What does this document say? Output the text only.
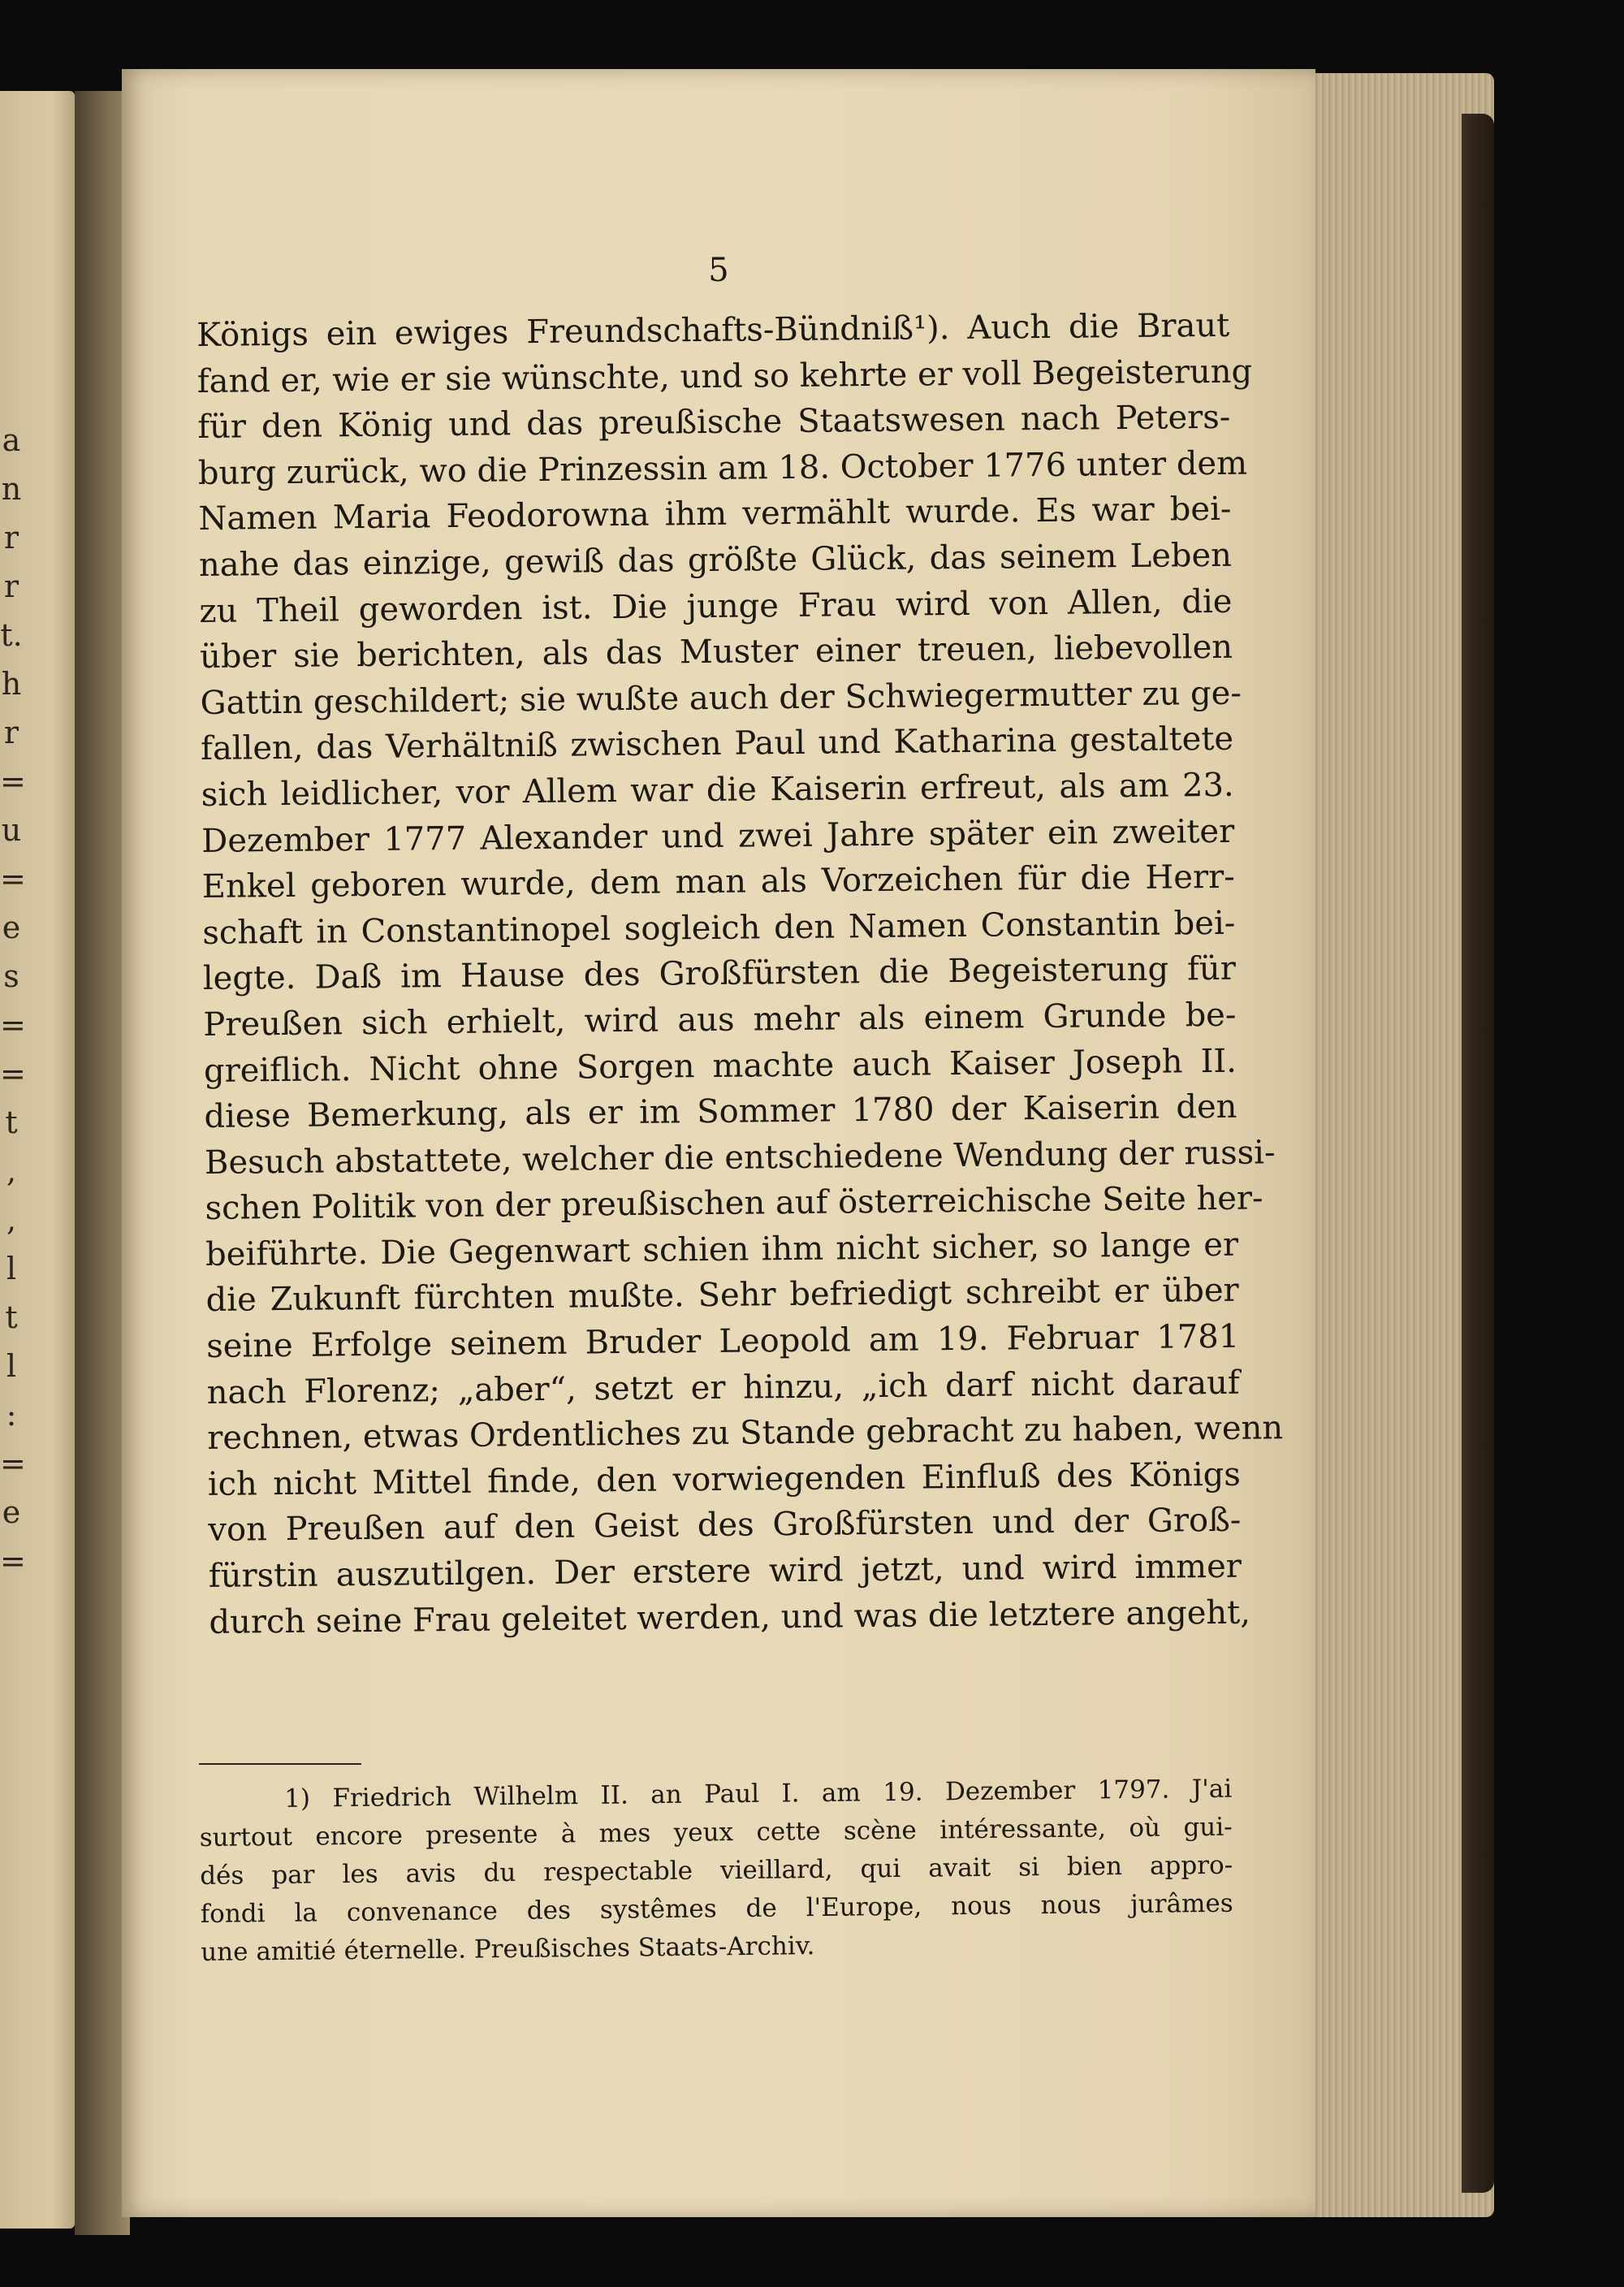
a
n
r
r
t.
h
r
=
u
=
e
s
=
=
t
,
,
l
t
l
:
=
e
=
5
Königs ein ewiges Freundschafts-Bündniß¹). Auch die Braut
fand er, wie er sie wünschte, und so kehrte er voll Begeisterung
für den König und das preußische Staatswesen nach Peters-
burg zurück, wo die Prinzessin am 18. October 1776 unter dem
Namen Maria Feodorowna ihm vermählt wurde. Es war bei-
nahe das einzige, gewiß das größte Glück, das seinem Leben
zu Theil geworden ist. Die junge Frau wird von Allen, die
über sie berichten, als das Muster einer treuen, liebevollen
Gattin geschildert; sie wußte auch der Schwiegermutter zu ge-
fallen, das Verhältniß zwischen Paul und Katharina gestaltete
sich leidlicher, vor Allem war die Kaiserin erfreut, als am 23.
Dezember 1777 Alexander und zwei Jahre später ein zweiter
Enkel geboren wurde, dem man als Vorzeichen für die Herr-
schaft in Constantinopel sogleich den Namen Constantin bei-
legte. Daß im Hause des Großfürsten die Begeisterung für
Preußen sich erhielt, wird aus mehr als einem Grunde be-
greiflich. Nicht ohne Sorgen machte auch Kaiser Joseph II.
diese Bemerkung, als er im Sommer 1780 der Kaiserin den
Besuch abstattete, welcher die entschiedene Wendung der russi-
schen Politik von der preußischen auf österreichische Seite her-
beiführte. Die Gegenwart schien ihm nicht sicher, so lange er
die Zukunft fürchten mußte. Sehr befriedigt schreibt er über
seine Erfolge seinem Bruder Leopold am 19. Februar 1781
nach Florenz; „aber“, setzt er hinzu, „ich darf nicht darauf
rechnen, etwas Ordentliches zu Stande gebracht zu haben, wenn
ich nicht Mittel finde, den vorwiegenden Einfluß des Königs
von Preußen auf den Geist des Großfürsten und der Groß-
fürstin auszutilgen. Der erstere wird jetzt, und wird immer
durch seine Frau geleitet werden, und was die letztere angeht,
1) Friedrich Wilhelm II. an Paul I. am 19. Dezember 1797. J'ai
surtout encore presente à mes yeux cette scène intéressante, où gui-
dés par les avis du respectable vieillard, qui avait si bien appro-
fondi la convenance des systêmes de l'Europe, nous nous jurâmes
une amitié éternelle. Preußisches Staats-Archiv.
